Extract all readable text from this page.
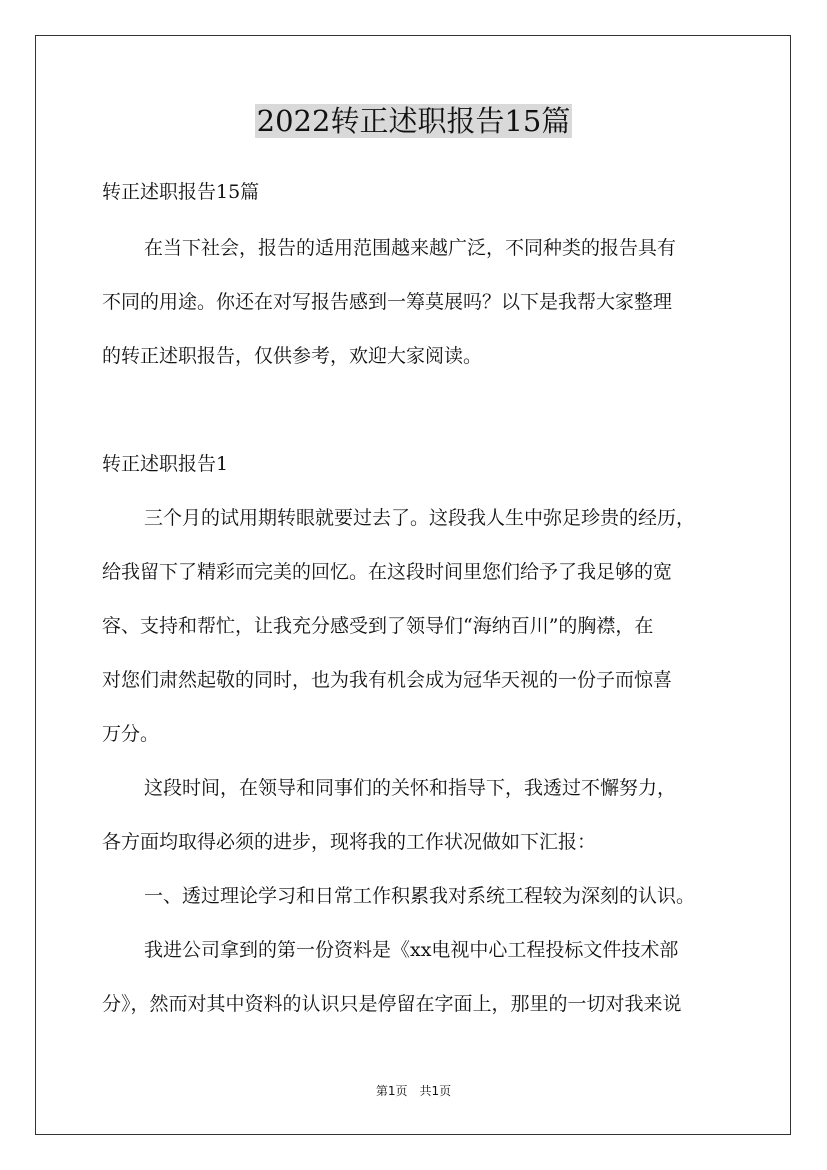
2022转正述职报告15篇
转正述职报告15篇
在当下社会，报告的适用范围越来越广泛，不同种类的报告具有
不同的用途。你还在对写报告感到一筹莫展吗？以下是我帮大家整理
的转正述职报告，仅供参考，欢迎大家阅读。
转正述职报告1
三个月的试用期转眼就要过去了。这段我人生中弥足珍贵的经历，
给我留下了精彩而完美的回忆。在这段时间里您们给予了我足够的宽
容、支持和帮忙，让我充分感受到了领导们“海纳百川”的胸襟，在
对您们肃然起敬的同时，也为我有机会成为冠华天视的一份子而惊喜
万分。
这段时间，在领导和同事们的关怀和指导下，我透过不懈努力，
各方面均取得必须的进步，现将我的工作状况做如下汇报：
一、透过理论学习和日常工作积累我对系统工程较为深刻的认识。
我进公司拿到的第一份资料是《xx电视中心工程投标文件技术部
分》，然而对其中资料的认识只是停留在字面上，那里的一切对我来说
第1页　共1页
